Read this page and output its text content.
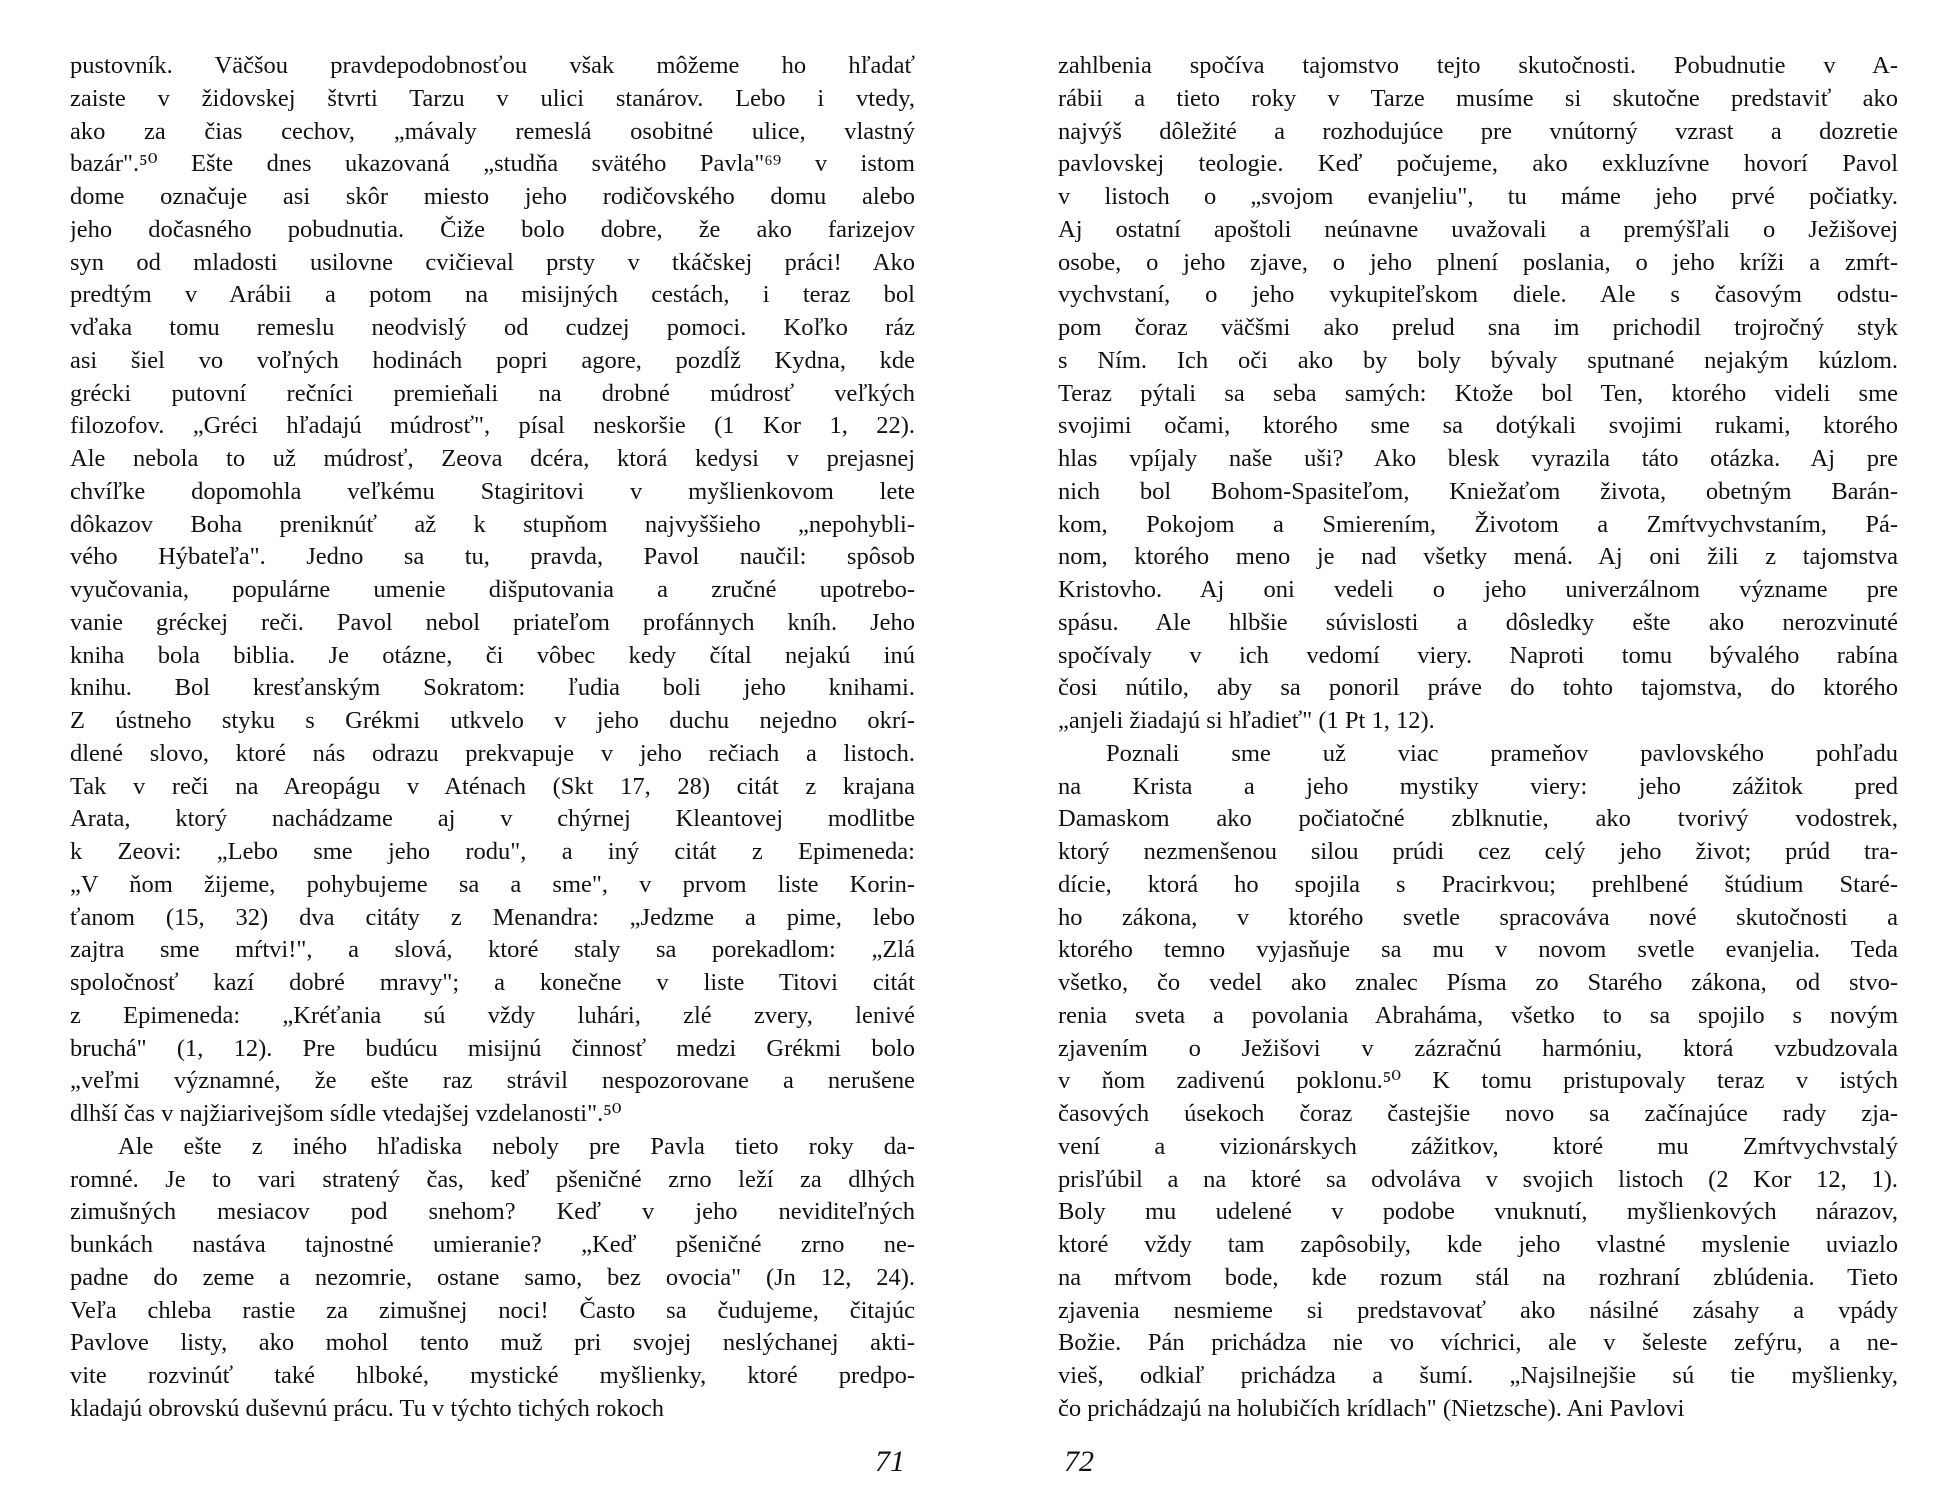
pustovník. Väčšou pravdepodobnosťou však môžeme ho hľadať
zaiste v židovskej štvrti Tarzu v ulici stanárov. Lebo i vtedy,
ako za čias cechov, „mávaly remeslá osobitné ulice, vlastný
bazár".⁵⁰ Ešte dnes ukazovaná „studňa svätého Pavla"⁶⁹ v istom
dome označuje asi skôr miesto jeho rodičovského domu alebo
jeho dočasného pobudnutia. Čiže bolo dobre, že ako farizejov
syn od mladosti usilovne cvičieval prsty v tkáčskej práci! Ako
predtým v Arábii a potom na misijných cestách, i teraz bol
vďaka tomu remeslu neodvislý od cudzej pomoci. Koľko ráz
asi šiel vo voľných hodinách popri agore, pozdĺž Kydna, kde
grécki putovní rečníci premieňali na drobné múdrosť veľkých
filozofov. „Gréci hľadajú múdrosť", písal neskoršie (1 Kor 1, 22).
Ale nebola to už múdrosť, Zeova dcéra, ktorá kedysi v prejasnej
chvíľke dopomohla veľkému Stagiritovi v myšlienkovom lete
dôkazov Boha preniknúť až k stupňom najvyššieho „nepohybli-
vého Hýbateľa". Jedno sa tu, pravda, Pavol naučil: spôsob
vyučovania, populárne umenie dišputovania a zručné upotrebo-
vanie gréckej reči. Pavol nebol priateľom profánnych kníh. Jeho
kniha bola biblia. Je otázne, či vôbec kedy čítal nejakú inú
knihu. Bol kresťanským Sokratom: ľudia boli jeho knihami.
Z ústneho styku s Grékmi utkvelo v jeho duchu nejedno okrí-
dlené slovo, ktoré nás odrazu prekvapuje v jeho rečiach a listoch.
Tak v reči na Areopágu v Aténach (Skt 17, 28) citát z krajana
Arata, ktorý nachádzame aj v chýrnej Kleantovej modlitbe
k Zeovi: „Lebo sme jeho rodu", a iný citát z Epimeneda:
„V ňom žijeme, pohybujeme sa a sme", v prvom liste Korin-
ťanom (15, 32) dva citáty z Menandra: „Jedzme a pime, lebo
zajtra sme mŕtvi!", a slová, ktoré staly sa porekadlom: „Zlá
spoločnosť kazí dobré mravy"; a konečne v liste Titovi citát
z Epimeneda: „Kréťania sú vždy luhári, zlé zvery, lenivé
bruchá" (1, 12). Pre budúcu misijnú činnosť medzi Grékmi bolo
„veľmi významné, že ešte raz strávil nespozorovane a nerušene
dlhší čas v najžiarivejšom sídle vtedajšej vzdelanosti".⁵⁰
Ale ešte z iného hľadiska neboly pre Pavla tieto roky da-
romné. Je to vari stratený čas, keď pšeničné zrno leží za dlhých
zimušných mesiacov pod snehom? Keď v jeho neviditeľných
bunkách nastáva tajnostné umieranie? „Keď pšeničné zrno ne-
padne do zeme a nezomrie, ostane samo, bez ovocia" (Jn 12, 24).
Veľa chleba rastie za zimušnej noci! Často sa čudujeme, čitajúc
Pavlove listy, ako mohol tento muž pri svojej neslýchanej akti-
vite rozvinúť také hlboké, mystické myšlienky, ktoré predpo-
kladajú obrovskú duševnú prácu. Tu v týchto tichých rokoch
71
zahlbenia spočíva tajomstvo tejto skutočnosti. Pobudnutie v A-
rábii a tieto roky v Tarze musíme si skutočne predstaviť ako
najvýš dôležité a rozhodujúce pre vnútorný vzrast a dozretie
pavlovskej teologie. Keď počujeme, ako exkluzívne hovorí Pavol
v listoch o „svojom evanjeliu", tu máme jeho prvé počiatky.
Aj ostatní apoštoli neúnavne uvažovali a premýšľali o Ježišovej
osobe, o jeho zjave, o jeho plnení poslania, o jeho kríži a zmŕt-
vychvstaní, o jeho vykupiteľskom diele. Ale s časovým odstu-
pom čoraz väčšmi ako prelud sna im prichodil trojročný styk
s Ním. Ich oči ako by boly bývaly sputnané nejakým kúzlom.
Teraz pýtali sa seba samých: Ktože bol Ten, ktorého videli sme
svojimi očami, ktorého sme sa dotýkali svojimi rukami, ktorého
hlas vpíjaly naše uši? Ako blesk vyrazila táto otázka. Aj pre
nich bol Bohom-Spasiteľom, Kniežaťom života, obetným Barán-
kom, Pokojom a Smierením, Životom a Zmŕtvychvstaním, Pá-
nom, ktorého meno je nad všetky mená. Aj oni žili z tajomstva
Kristovho. Aj oni vedeli o jeho univerzálnom význame pre
spásu. Ale hlbšie súvislosti a dôsledky ešte ako nerozvinuté
spočívaly v ich vedomí viery. Naproti tomu bývalého rabína
čosi nútilo, aby sa ponoril práve do tohto tajomstva, do ktorého
„anjeli žiadajú si hľadieť" (1 Pt 1, 12).
Poznali sme už viac prameňov pavlovského pohľadu
na Krista a jeho mystiky viery: jeho zážitok pred
Damaskom ako počiatočné zblknutie, ako tvorivý vodostrek,
ktorý nezmenšenou silou prúdi cez celý jeho život; prúd tra-
dície, ktorá ho spojila s Pracirkvou; prehlbené štúdium Staré-
ho zákona, v ktorého svetle spracováva nové skutočnosti a
ktorého temno vyjasňuje sa mu v novom svetle evanjelia. Teda
všetko, čo vedel ako znalec Písma zo Starého zákona, od stvo-
renia sveta a povolania Abraháma, všetko to sa spojilo s novým
zjavením o Ježišovi v zázračnú harmóniu, ktorá vzbudzovala
v ňom zadivenú poklonu.⁵⁰ K tomu pristupovaly teraz v istých
časových úsekoch čoraz častejšie novo sa začínajúce rady zja-
vení a vizionárskych zážitkov, ktoré mu Zmŕtvychvstalý
prisľúbil a na ktoré sa odvoláva v svojich listoch (2 Kor 12, 1).
Boly mu udelené v podobe vnuknutí, myšlienkových nárazov,
ktoré vždy tam zapôsobily, kde jeho vlastné myslenie uviazlo
na mŕtvom bode, kde rozum stál na rozhraní zblúdenia. Tieto
zjavenia nesmieme si predstavovať ako násilné zásahy a vpády
Božie. Pán prichádza nie vo víchrici, ale v šeleste zefýru, a ne-
vieš, odkiaľ prichádza a šumí. „Najsilnejšie sú tie myšlienky,
čo prichádzajú na holubičích krídlach" (Nietzsche). Ani Pavlovi
72
